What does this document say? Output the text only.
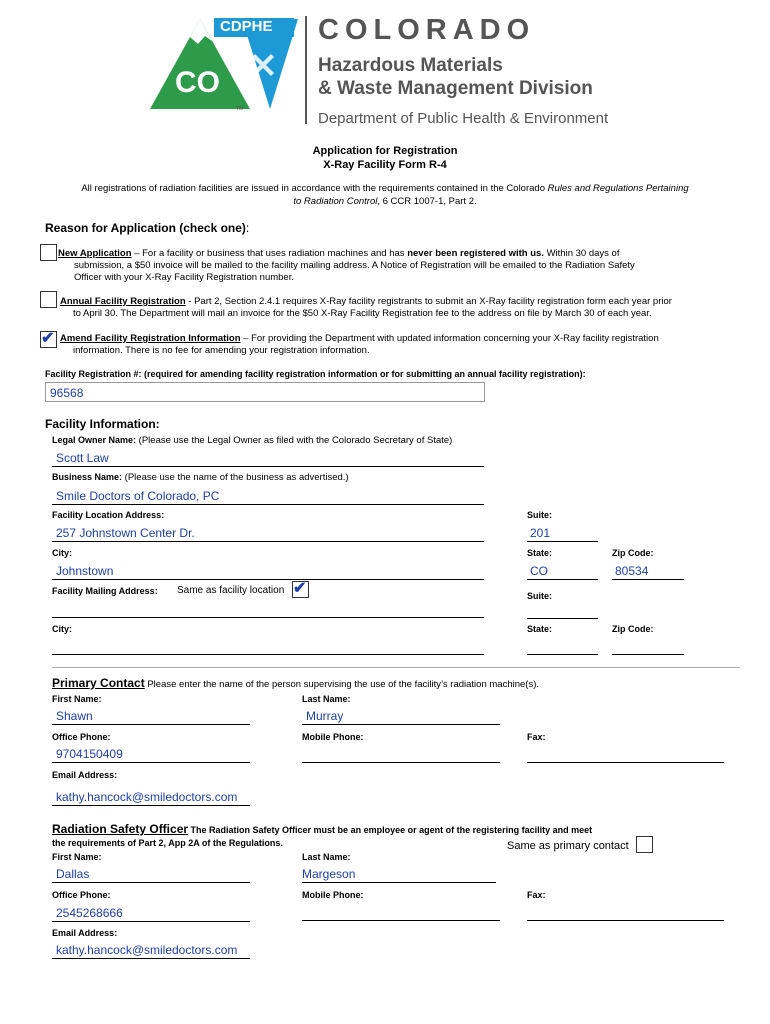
CDPHE
CO
TM
COLORADO
Hazardous Materials
& Waste Management Division
Department of Public Health & Environment
Application for Registration
X-Ray Facility Form R-4
All registrations of radiation facilities are issued in accordance with the requirements contained in the Colorado Rules and Regulations Pertaining
to Radiation Control, 6 CCR 1007-1, Part 2.
Reason for Application (check one):
New Application – For a facility or business that uses radiation machines and has never been registered with us. Within 30 days of
submission, a $50 invoice will be mailed to the facility mailing address. A Notice of Registration will be emailed to the Radiation Safety
Officer with your X-Ray Facility Registration number.
Annual Facility Registration - Part 2, Section 2.4.1 requires X-Ray facility registrants to submit an X-Ray facility registration form each year prior
to April 30. The Department will mail an invoice for the $50 X-Ray Facility Registration fee to the address on file by March 30 of each year.
✔ Amend Facility Registration Information – For providing the Department with updated information concerning your X-Ray facility registration
information. There is no fee for amending your registration information.
Facility Registration #: (required for amending facility registration information or for submitting an annual facility registration):
96568
Facility Information:
Legal Owner Name: (Please use the Legal Owner as filed with the Colorado Secretary of State)
Scott Law
Business Name: (Please use the name of the business as advertised.)
Smile Doctors of Colorado, PC
Facility Location Address:
257 Johnstown Center Dr.
Suite:
201
City:
Johnstown
State:
CO
Zip Code:
80534
Facility Mailing Address: Same as facility location ✔	Suite:
City:	State:	Zip Code:
Primary Contact Please enter the name of the person supervising the use of the facility’s radiation machine(s).
First Name:
Shawn
Last Name:
Murray
Office Phone:
9704150409
Mobile Phone:	Fax:
Email Address:
kathy.hancock@smiledoctors.com
Radiation Safety Officer The Radiation Safety Officer must be an employee or agent of the registering facility and meet
the requirements of Part 2, App 2A of the Regulations.	Same as primary contact
First Name:
Dallas
Last Name:
Margeson
Office Phone:
2545268666
Mobile Phone:	Fax:
Email Address:
kathy.hancock@smiledoctors.com
